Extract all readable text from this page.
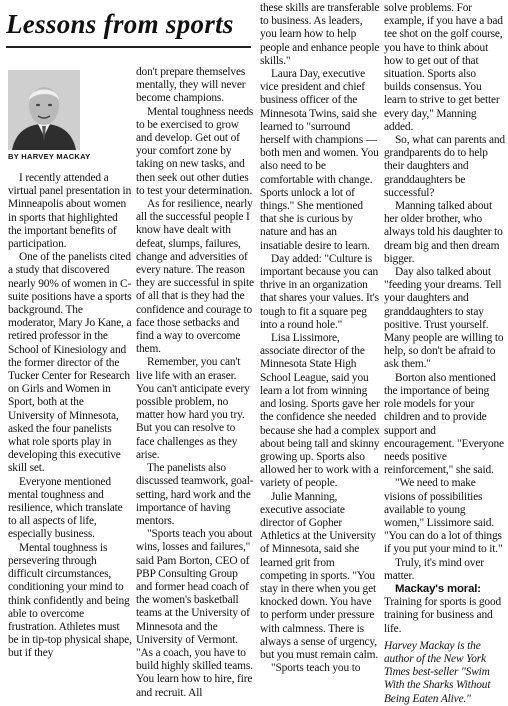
Lessons from sports
BY HARVEY MACKAY

I recently attended a virtual panel presentation in Minneapolis about women in sports that highlighted the important benefits of participation.

One of the panelists cited a study that discovered nearly 90% of women in C-suite positions have a sports background. The moderator, Mary Jo Kane, a retired professor in the School of Kinesiology and the former director of the Tucker Center for Research on Girls and Women in Sport, both at the University of Minnesota, asked the four panelists what role sports play in developing this executive skill set.

Everyone mentioned mental toughness and resilience, which translate to all aspects of life, especially business.

Mental toughness is persevering through difficult circumstances, conditioning your mind to think confidently and being able to overcome frustration. Athletes must be in tip-top physical shape, but if they

don't prepare themselves mentally, they will never become champions.

Mental toughness needs to be exercised to grow and develop. Get out of your comfort zone by taking on new tasks, and then seek out other duties to test your determination.

As for resilience, nearly all the successful people I know have dealt with defeat, slumps, failures, change and adversities of every nature. The reason they are successful in spite of all that is they had the confidence and courage to face those setbacks and find a way to overcome them.

Remember, you can't live life with an eraser. You can't anticipate every possible problem, no matter how hard you try. But you can resolve to face challenges as they arise.

The panelists also discussed teamwork, goal-setting, hard work and the importance of having mentors.

"Sports teach you about wins, losses and failures," said Pam Borton, CEO of PBP Consulting Group and former head coach of the women's basketball teams at the University of Minnesota and the University of Vermont. "As a coach, you have to build highly skilled teams. You learn how to hire, fire and recruit. All

these skills are transferable to business. As leaders, you learn how to help people and enhance people skills."

Laura Day, executive vice president and chief business officer of the Minnesota Twins, said she learned to "surround herself with champions — both men and women. You also need to be comfortable with change. Sports unlock a lot of things." She mentioned that she is curious by nature and has an insatiable desire to learn.

Day added: "Culture is important because you can thrive in an organization that shares your values. It's tough to fit a square peg into a round hole."

Lisa Lissimore, associate director of the Minnesota State High School League, said you learn a lot from winning and losing. Sports gave her the confidence she needed because she had a complex about being tall and skinny growing up. Sports also allowed her to work with a variety of people.

Julie Manning, executive associate director of Gopher Athletics at the University of Minnesota, said she learned grit from competing in sports. "You stay in there when you get knocked down. You have to perform under pressure with calmness. There is always a sense of urgency, but you must remain calm.

"Sports teach you to

solve problems. For example, if you have a bad tee shot on the golf course, you have to think about how to get out of that situation. Sports also builds consensus. You learn to strive to get better every day," Manning added.

So, what can parents and grandparents do to help their daughters and granddaughters be successful?

Manning talked about her older brother, who always told his daughter to dream big and then dream bigger.

Day also talked about "feeding your dreams. Tell your daughters and granddaughters to stay positive. Trust yourself. Many people are willing to help, so don't be afraid to ask them."

Borton also mentioned the importance of being role models for your children and to provide support and encouragement. "Everyone needs positive reinforcement," she said.

"We need to make visions of possibilities available to young women," Lissimore said. "You can do a lot of things if you put your mind to it."

Truly, it's mind over matter.

Mackay's moral: Training for sports is good training for business and life.

Harvey Mackay is the author of the New York Times best-seller "Swim With the Sharks Without Being Eaten Alive."
